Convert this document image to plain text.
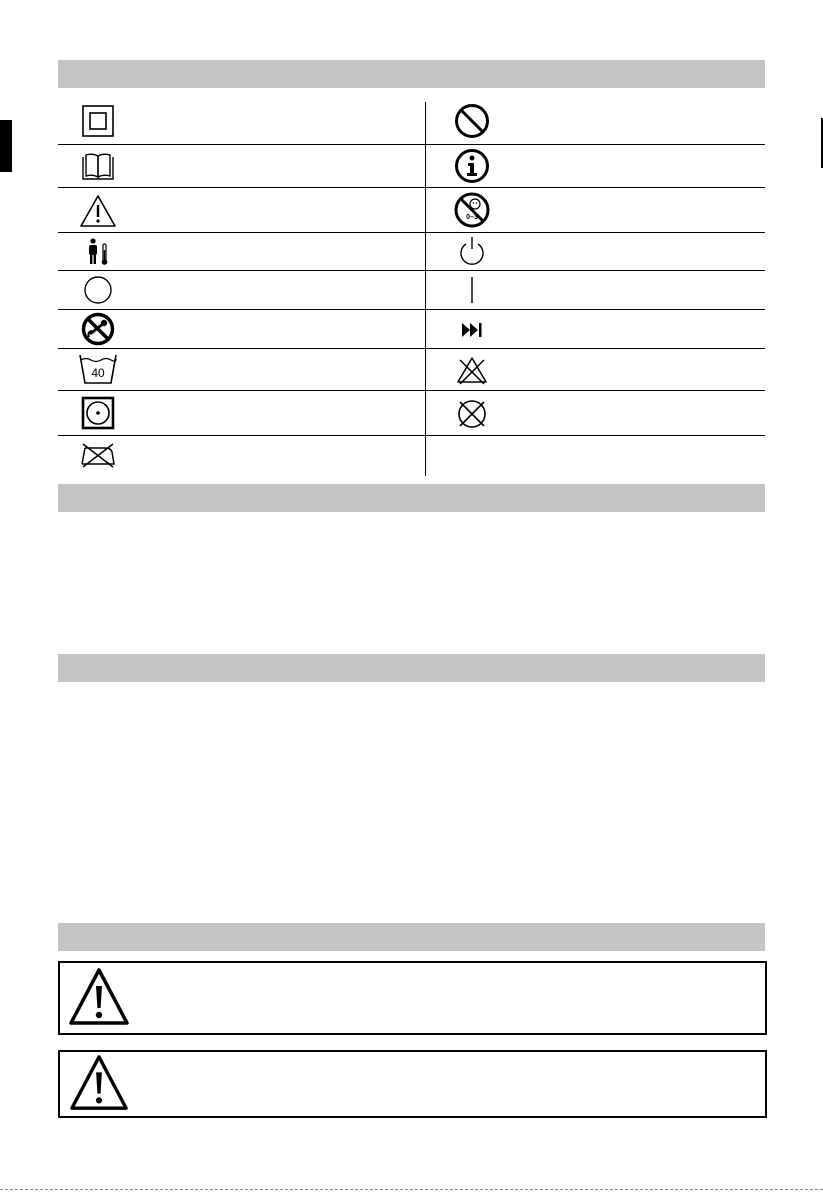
40
0–3
